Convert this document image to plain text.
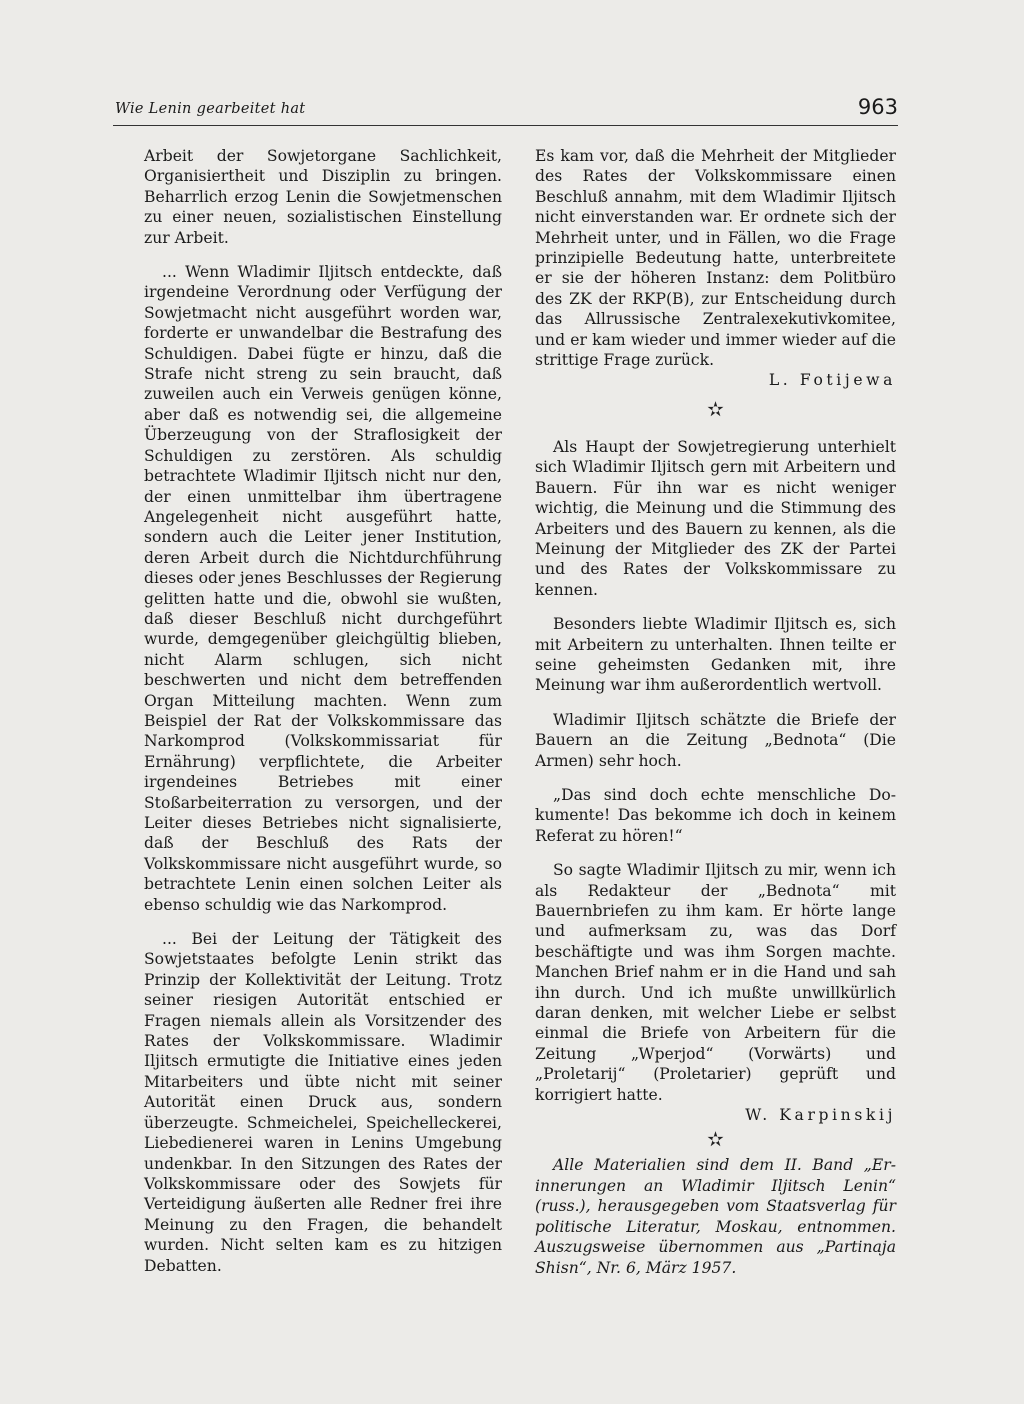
Wie Lenin gearbeitet hat	963

Arbeit der Sowjetorgane Sachlichkeit, Organisiertheit und Disziplin zu bringen. Beharrlich erzog Lenin die Sowjetmenschen zu einer neuen, sozialistischen Einstellung zur Arbeit.

... Wenn Wladimir Iljitsch entdeckte, daß irgendeine Verordnung oder Verfügung der Sowjetmacht nicht ausgeführt worden war, forderte er unwandelbar die Bestrafung des Schuldigen. Dabei fügte er hinzu, daß die Strafe nicht streng zu sein braucht, daß zuweilen auch ein Verweis genügen könne, aber daß es notwendig sei, die allgemeine Überzeugung von der Straflosigkeit der Schuldigen zu zerstören. Als schuldig betrachtete Wladimir Iljitsch nicht nur den, der einen unmittelbar ihm übertragene Angelegenheit nicht ausgeführt hatte, sondern auch die Leiter jener Institution, deren Arbeit durch die Nichtdurchführung dieses oder jenes Beschlusses der Regierung gelitten hatte und die, obwohl sie wußten, daß dieser Beschluß nicht durchgeführt wurde, demgegenüber gleichgültig blieben, nicht Alarm schlugen, sich nicht beschwerten und nicht dem betreffenden Organ Mitteilung machten. Wenn zum Beispiel der Rat der Volkskommissare das Narkomprod (Volkskommissariat für Ernährung) verpflichtete, die Arbeiter irgendeines Betriebes mit einer Stoßarbeiterration zu versorgen, und der Leiter dieses Betriebes nicht signalisierte, daß der Beschluß des Rats der Volkskommissare nicht ausgeführt wurde, so betrachtete Lenin einen solchen Leiter als ebenso schuldig wie das Narkomprod.

... Bei der Leitung der Tätigkeit des Sowjetstaates befolgte Lenin strikt das Prinzip der Kollektivität der Leitung. Trotz seiner riesigen Autorität entschied er Fragen niemals allein als Vorsitzender des Rates der Volkskommissare. Wladimir Iljitsch ermutigte die Initiative eines jeden Mitarbeiters und übte nicht mit seiner Autorität einen Druck aus, sondern überzeugte. Schmeichelei, Speichelleckerei, Liebedienerei waren in Lenins Umgebung undenkbar. In den Sitzungen des Rates der Volkskommissare oder des Sowjets für Verteidigung äußerten alle Redner frei ihre Meinung zu den Fragen, die behandelt wurden. Nicht selten kam es zu hitzigen Debatten.

Es kam vor, daß die Mehrheit der Mitglieder des Rates der Volkskommissare einen Beschluß annahm, mit dem Wladimir Iljitsch nicht einverstanden war. Er ordnete sich der Mehrheit unter, und in Fällen, wo die Frage prinzipielle Bedeutung hatte, unterbreitete er sie der höheren Instanz: dem Politbüro des ZK der RKP(B), zur Entscheidung durch das Allrussische Zentralexekutivkomitee, und er kam wieder und immer wieder auf die strittige Frage zurück.

L. Fotijewa
✫

Als Haupt der Sowjetregierung unterhielt sich Wladimir Iljitsch gern mit Arbeitern und Bauern. Für ihn war es nicht weniger wichtig, die Meinung und die Stimmung des Arbeiters und des Bauern zu kennen, als die Meinung der Mitglieder des ZK der Partei und des Rates der Volkskommissare zu kennen.

Besonders liebte Wladimir Iljitsch es, sich mit Arbeitern zu unterhalten. Ihnen teilte er seine geheimsten Gedanken mit, ihre Meinung war ihm außerordentlich wertvoll.

Wladimir Iljitsch schätzte die Briefe der Bauern an die Zeitung „Bednota“ (Die Armen) sehr hoch.

„Das sind doch echte menschliche Dokumente! Das bekomme ich doch in keinem Referat zu hören!“

So sagte Wladimir Iljitsch zu mir, wenn ich als Redakteur der „Bednota“ mit Bauernbriefen zu ihm kam. Er hörte lange und aufmerksam zu, was das Dorf beschäftigte und was ihm Sorgen machte. Manchen Brief nahm er in die Hand und sah ihn durch. Und ich mußte unwillkürlich daran denken, mit welcher Liebe er selbst einmal die Briefe von Arbeitern für die Zeitung „Wperjod“ (Vorwärts) und „Proletarij“ (Proletarier) geprüft und korrigiert hatte.

W. Karpinskij
✫

Alle Materialien sind dem II. Band „Erinnerungen an Wladimir Iljitsch Lenin“ (russ.), herausgegeben vom Staatsverlag für politische Literatur, Moskau, entnommen. Auszugsweise übernommen aus „Partinaja Shisn“, Nr. 6, März 1957.
